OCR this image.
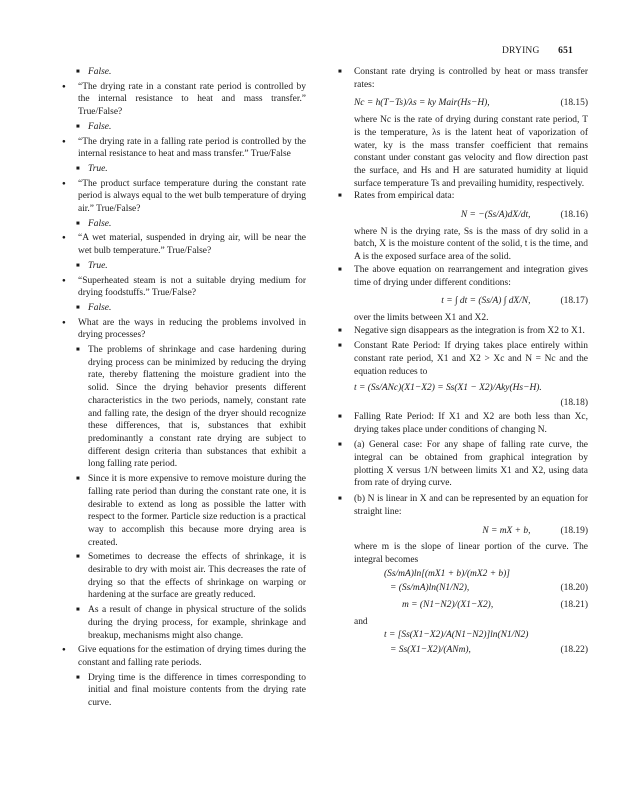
DRYING 651
■ False.
● “The drying rate in a constant rate period is controlled by the internal resistance to heat and mass transfer.” True/False?
■ False.
● “The drying rate in a falling rate period is controlled by the internal resistance to heat and mass transfer.” True/False
■ True.
● “The product surface temperature during the constant rate period is always equal to the wet bulb temperature of drying air.” True/False?
■ False.
● “A wet material, suspended in drying air, will be near the wet bulb temperature.” True/False?
■ True.
● “Superheated steam is not a suitable drying medium for drying foodstuffs.” True/False?
■ False.
● What are the ways in reducing the problems involved in drying processes?
■ The problems of shrinkage and case hardening during drying process can be minimized by reducing the drying rate, thereby flattening the moisture gradient into the solid. Since the drying behavior presents different characteristics in the two periods, namely, constant rate and falling rate, the design of the dryer should recognize these differences, that is, substances that exhibit predominantly a constant rate drying are subject to different design criteria than substances that exhibit a long falling rate period.
■ Since it is more expensive to remove moisture during the falling rate period than during the constant rate one, it is desirable to extend as long as possible the latter with respect to the former. Particle size reduction is a practical way to accomplish this because more drying area is created.
■ Sometimes to decrease the effects of shrinkage, it is desirable to dry with moist air. This decreases the rate of drying so that the effects of shrinkage on warping or hardening at the surface are greatly reduced.
■ As a result of change in physical structure of the solids during the drying process, for example, shrinkage and breakup, mechanisms might also change.
● Give equations for the estimation of drying times during the constant and falling rate periods.
■ Drying time is the difference in times corresponding to initial and final moisture contents from the drying rate curve.
■ Constant rate drying is controlled by heat or mass transfer rates:
Nc = h(T−Ts)/λs = ky Mair(Hs−H),	(18.15)
where Nc is the rate of drying during constant rate period, T is the temperature, λs is the latent heat of vaporization of water, ky is the mass transfer coefficient that remains constant under constant gas velocity and flow direction past the surface, and Hs and H are saturated humidity at liquid surface temperature Ts and prevailing humidity, respectively.
■ Rates from empirical data:
N = −(Ss/A)dX/dt,	(18.16)
where N is the drying rate, Ss is the mass of dry solid in a batch, X is the moisture content of the solid, t is the time, and A is the exposed surface area of the solid.
■ The above equation on rearrangement and integration gives time of drying under different conditions:
t = ∫ dt = (Ss/A) ∫ dX/N,	(18.17)
over the limits between X1 and X2.
■ Negative sign disappears as the integration is from X2 to X1.
■ Constant Rate Period: If drying takes place entirely within constant rate period, X1 and X2 > Xc and N = Nc and the equation reduces to
t = (Ss/ANc)(X1−X2) = Ss(X1 − X2)/Aky(Hs−H).
(18.18)
■ Falling Rate Period: If X1 and X2 are both less than Xc, drying takes place under conditions of changing N.
■ (a) General case: For any shape of falling rate curve, the integral can be obtained from graphical integration by plotting X versus 1/N between limits X1 and X2, using data from rate of drying curve.
■ (b) N is linear in X and can be represented by an equation for straight line:
N = mX + b,	(18.19)
where m is the slope of linear portion of the curve. The integral becomes
(Ss/mA)ln[(mX1 + b)/(mX2 + b)]
= (Ss/mA)ln(N1/N2),	(18.20)
m = (N1−N2)/(X1−X2),	(18.21)
and
t = [Ss(X1−X2)/A(N1−N2)]ln(N1/N2)
= Ss(X1−X2)/(ANm),	(18.22)
